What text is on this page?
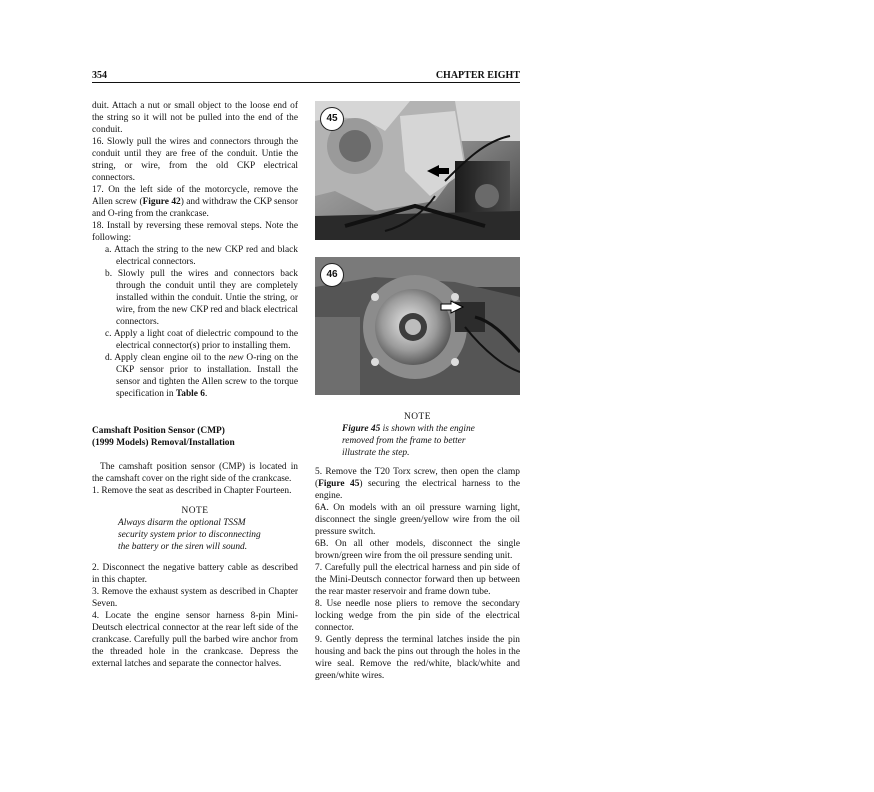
354	CHAPTER EIGHT

duit. Attach a nut or small object to the loose end of the string so it will not be pulled into the end of the conduit.

16. Slowly pull the wires and connectors through the conduit until they are free of the conduit. Untie the string, or wire, from the old CKP electrical connectors.

17. On the left side of the motorcycle, remove the Allen screw (Figure 42) and withdraw the CKP sensor and O-ring from the crankcase.

18. Install by reversing these removal steps. Note the following:

a. Attach the string to the new CKP red and black electrical connectors.

b. Slowly pull the wires and connectors back through the conduit until they are completely installed within the conduit. Untie the string, or wire, from the new CKP red and black electrical connectors.

c. Apply a light coat of dielectric compound to the electrical connector(s) prior to installing them.

d. Apply clean engine oil to the new O-ring on the CKP sensor prior to installation. Install the sensor and tighten the Allen screw to the torque specification in Table 6.

Camshaft Position Sensor (CMP)

(1999 Models) Removal/Installation

The camshaft position sensor (CMP) is located in the camshaft cover on the right side of the crankcase.

1. Remove the seat as described in Chapter Fourteen.

NOTE
Always disarm the optional TSSM security system prior to disconnecting the battery or the siren will sound.

2. Disconnect the negative battery cable as described in this chapter.

3. Remove the exhaust system as described in Chapter Seven.

4. Locate the engine sensor harness 8-pin Mini-Deutsch electrical connector at the rear left side of the crankcase. Carefully pull the barbed wire anchor from the threaded hole in the crankcase. Depress the external latches and separate the connector halves.

45
46
NOTE
Figure 45 is shown with the engine removed from the frame to better illustrate the step.

5. Remove the T20 Torx screw, then open the clamp (Figure 45) securing the electrical harness to the engine.

6A. On models with an oil pressure warning light, disconnect the single green/yellow wire from the oil pressure switch.

6B. On all other models, disconnect the single brown/green wire from the oil pressure sending unit.

7. Carefully pull the electrical harness and pin side of the Mini-Deutsch connector forward then up between the rear master reservoir and frame down tube.

8. Use needle nose pliers to remove the secondary locking wedge from the pin side of the electrical connector.

9. Gently depress the terminal latches inside the pin housing and back the pins out through the holes in the wire seal. Remove the red/white, black/white and green/white wires.
